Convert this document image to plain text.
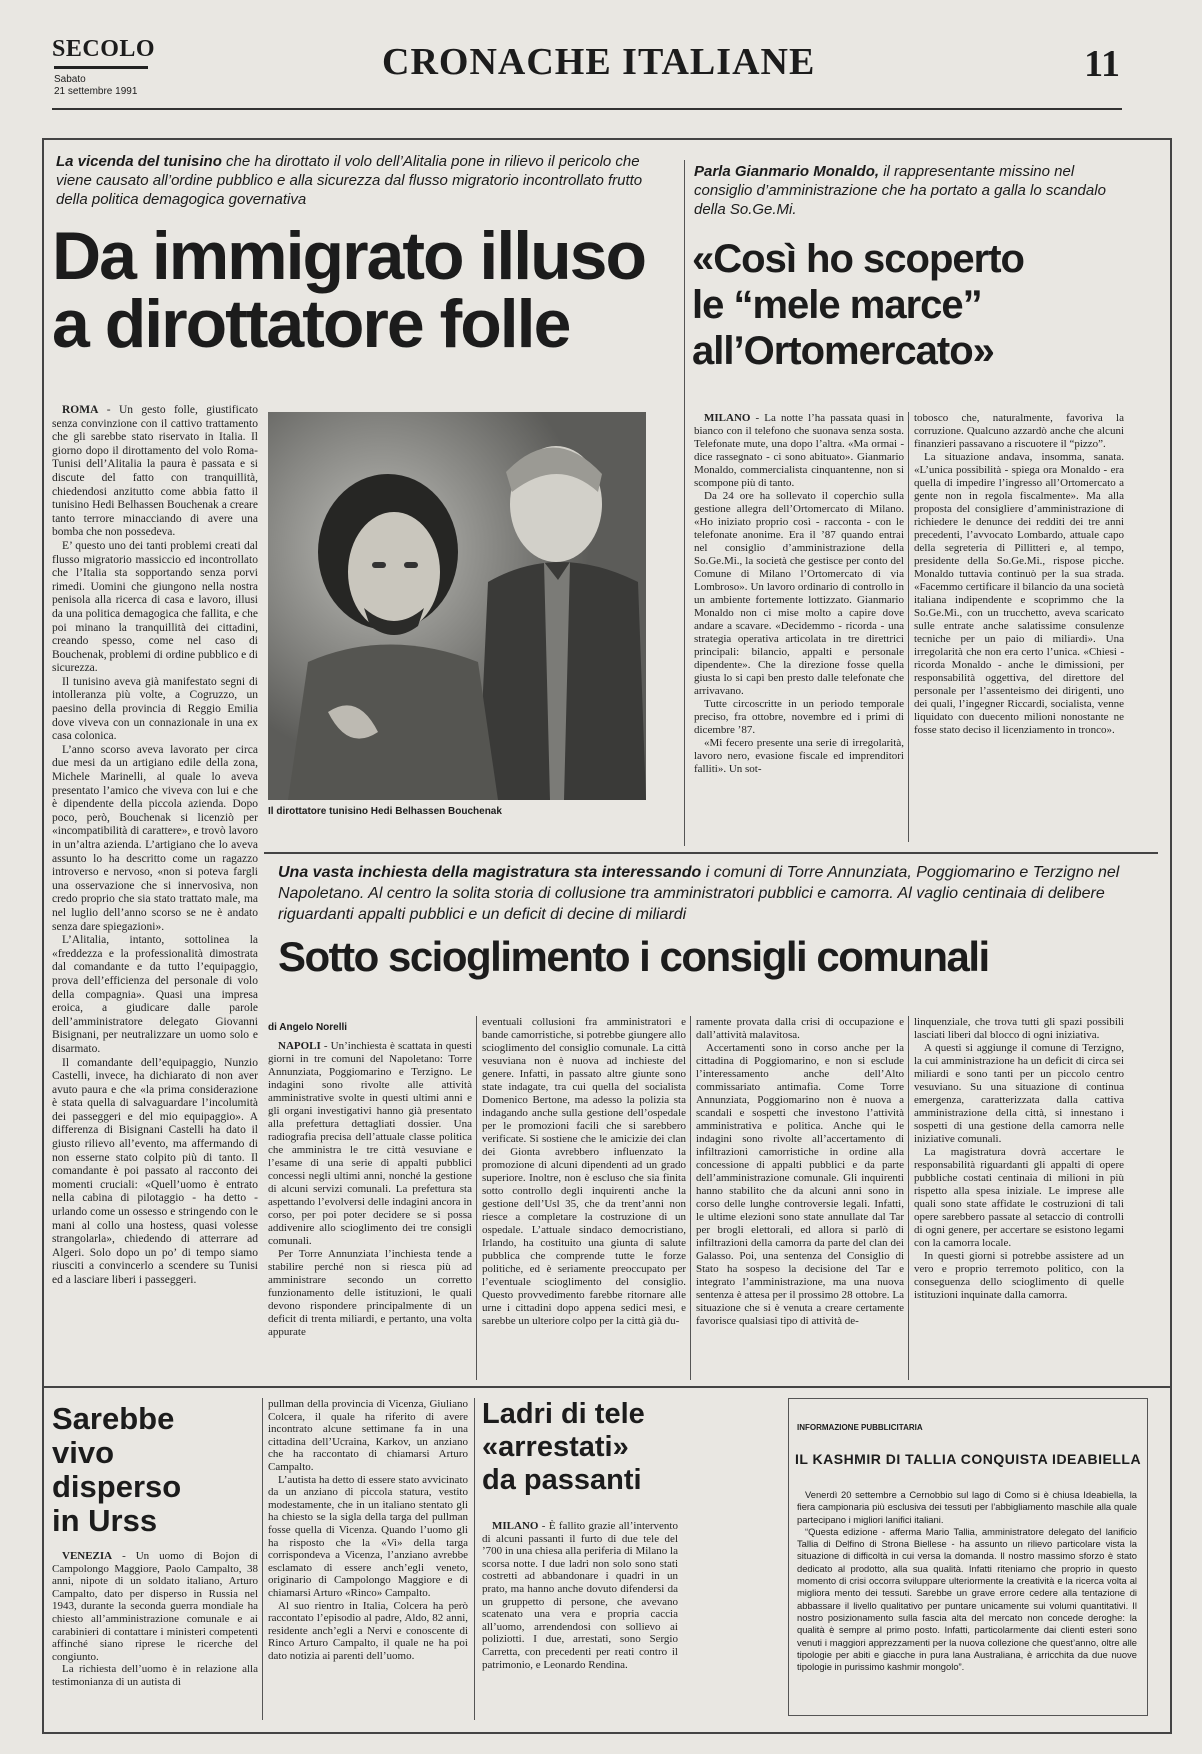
SECOLO
Sabato
21 settembre 1991
CRONACHE ITALIANE	11
La vicenda del tunisino che ha dirottato il volo dell’Alitalia pone in rilievo il pericolo che viene causato all’ordine pubblico e alla sicurezza dal flusso migratorio incontrollato frutto della politica demagogica governativa
Da immigrato illuso
a dirottatore folle

ROMA - Un gesto folle, giustificato senza convinzione con il cattivo trattamento che gli sarebbe stato riservato in Italia. Il giorno dopo il dirottamento del volo Roma-Tunisi dell’Alitalia la paura è passata e si discute del fatto con tranquillità, chiedendosi anzitutto come abbia fatto il tunisino Hedi Belhassen Bouchenak a creare tanto terrore minacciando di avere una bomba che non possedeva.

E’ questo uno dei tanti problemi creati dal flusso migratorio massiccio ed incontrollato che l’Italia sta sopportando senza porvi rimedi. Uomini che giungono nella nostra penisola alla ricerca di casa e lavoro, illusi da una politica demagogica che fallita, e che poi minano la tranquillità dei cittadini, creando spesso, come nel caso di Bouchenak, problemi di ordine pubblico e di sicurezza.

Il tunisino aveva già manifestato segni di intolleranza più volte, a Cogruzzo, un paesino della provincia di Reggio Emilia dove viveva con un connazionale in una ex casa colonica.

L’anno scorso aveva lavorato per circa due mesi da un artigiano edile della zona, Michele Marinelli, al quale lo aveva presentato l’amico che viveva con lui e che è dipendente della piccola azienda. Dopo poco, però, Bouchenak si licenziò per «incompatibilità di carattere», e trovò lavoro in un’altra azienda. L’artigiano che lo aveva assunto lo ha descritto come un ragazzo introverso e nervoso, «non si poteva fargli una osservazione che si innervosiva, non credo proprio che sia stato trattato male, ma nel luglio dell’anno scorso se ne è andato senza dare spiegazioni».

L’Alitalia, intanto, sottolinea la «freddezza e la professionalità dimostrata dal comandante e da tutto l’equipaggio, prova dell’efficienza del personale di volo della compagnia». Quasi una impresa eroica, a giudicare dalle parole dell’amministratore delegato Giovanni Bisignani, per neutralizzare un uomo solo e disarmato.

Il comandante dell’equipaggio, Nunzio Castelli, invece, ha dichiarato di non aver avuto paura e che «la prima considerazione è stata quella di salvaguardare l’incolumità dei passeggeri e del mio equipaggio». A differenza di Bisignani Castelli ha dato il giusto rilievo all’evento, ma affermando di non esserne stato colpito più di tanto. Il comandante è poi passato al racconto dei momenti cruciali: «Quell’uomo è entrato nella cabina di pilotaggio - ha detto - urlando come un ossesso e stringendo con le mani al collo una hostess, quasi volesse strangolarla», chiedendo di atterrare ad Algeri. Solo dopo un po’ di tempo siamo riusciti a convincerlo a scendere su Tunisi ed a lasciare liberi i passeggeri.

Il dirottatore tunisino Hedi Belhassen Bouchenak
Parla Gianmario Monaldo, il rappresentante missino nel consiglio d’amministrazione che ha portato a galla lo scandalo della So.Ge.Mi.
«Così ho scoperto
le “mele marce”
all’Ortomercato»

MILANO - La notte l’ha passata quasi in bianco con il telefono che suonava senza sosta. Telefonate mute, una dopo l’altra. «Ma ormai - dice rassegnato - ci sono abituato». Gianmario Monaldo, commercialista cinquantenne, non si scompone più di tanto.

Da 24 ore ha sollevato il coperchio sulla gestione allegra dell’Ortomercato di Milano. «Ho iniziato proprio così - racconta - con le telefonate anonime. Era il ’87 quando entrai nel consiglio d’amministrazione della So.Ge.Mi., la società che gestisce per conto del Comune di Milano l’Ortomercato di via Lombroso». Un lavoro ordinario di controllo in un ambiente fortemente lottizzato. Gianmario Monaldo non ci mise molto a capire dove andare a scavare. «Decidemmo - ricorda - una strategia operativa articolata in tre direttrici principali: bilancio, appalti e personale dipendente». Che la direzione fosse quella giusta lo si capì ben presto dalle telefonate che arrivavano.

Tutte circoscritte in un periodo temporale preciso, fra ottobre, novembre ed i primi di dicembre ’87.

«Mi fecero presente una serie di irregolarità, lavoro nero, evasione fiscale ed imprenditori falliti». Un sot-

tobosco che, naturalmente, favoriva la corruzione. Qualcuno azzardò anche che alcuni finanzieri passavano a riscuotere il “pizzo”.

La situazione andava, insomma, sanata. «L’unica possibilità - spiega ora Monaldo - era quella di impedire l’ingresso all’Ortomercato a gente non in regola fiscalmente». Ma alla proposta del consigliere d’amministrazione di richiedere le denunce dei redditi dei tre anni precedenti, l’avvocato Lombardo, attuale capo della segreteria di Pillitteri e, al tempo, presidente della So.Ge.Mi., rispose picche. Monaldo tuttavia continuò per la sua strada. «Facemmo certificare il bilancio da una società italiana indipendente e scoprimmo che la So.Ge.Mi., con un trucchetto, aveva scaricato sulle entrate anche salatissime consulenze tecniche per un paio di miliardi». Una irregolarità che non era certo l’unica. «Chiesi - ricorda Monaldo - anche le dimissioni, per responsabilità oggettiva, del direttore del personale per l’assenteismo dei dirigenti, uno dei quali, l’ingegner Riccardi, socialista, venne liquidato con duecento milioni nonostante ne fosse stato deciso il licenziamento in tronco».

Una vasta inchiesta della magistratura sta interessando i comuni di Torre Annunziata, Poggiomarino e Terzigno nel Napoletano. Al centro la solita storia di collusione tra amministratori pubblici e camorra. Al vaglio centinaia di delibere riguardanti appalti pubblici e un deficit di decine di miliardi
Sotto scioglimento i consigli comunali
di Angelo Norelli

NAPOLI - Un’inchiesta è scattata in questi giorni in tre comuni del Napoletano: Torre Annunziata, Poggiomarino e Terzigno. Le indagini sono rivolte alle attività amministrative svolte in questi ultimi anni e gli organi investigativi hanno già presentato alla prefettura dettagliati dossier. Una radiografia precisa dell’attuale classe politica che amministra le tre città vesuviane e l’esame di una serie di appalti pubblici concessi negli ultimi anni, nonché la gestione di alcuni servizi comunali. La prefettura sta aspettando l’evolversi delle indagini ancora in corso, per poi poter decidere se si possa addivenire allo scioglimento dei tre consigli comunali.

Per Torre Annunziata l’inchiesta tende a stabilire perché non si riesca più ad amministrare secondo un corretto funzionamento delle istituzioni, le quali devono rispondere principalmente di un deficit di trenta miliardi, e pertanto, una volta appurate

eventuali collusioni fra amministratori e bande camorristiche, si potrebbe giungere allo scioglimento del consiglio comunale. La città vesuviana non è nuova ad inchieste del genere. Infatti, in passato altre giunte sono state indagate, tra cui quella del socialista Domenico Bertone, ma adesso la polizia sta indagando anche sulla gestione dell’ospedale per le promozioni facili che si sarebbero verificate. Si sostiene che le amicizie dei clan dei Gionta avrebbero influenzato la promozione di alcuni dipendenti ad un grado superiore. Inoltre, non è escluso che sia finita sotto controllo degli inquirenti anche la gestione dell’Usl 35, che da trent’anni non riesce a completare la costruzione di un ospedale. L’attuale sindaco democristiano, Irlando, ha costituito una giunta di salute pubblica che comprende tutte le forze politiche, ed è seriamente preoccupato per l’eventuale scioglimento del consiglio. Questo provvedimento farebbe ritornare alle urne i cittadini dopo appena sedici mesi, e sarebbe un ulteriore colpo per la città già du-

ramente provata dalla crisi di occupazione e dall’attività malavitosa.

Accertamenti sono in corso anche per la cittadina di Poggiomarino, e non si esclude l’interessamento anche dell’Alto commissariato antimafia. Come Torre Annunziata, Poggiomarino non è nuova a scandali e sospetti che investono l’attività amministrativa e politica. Anche qui le indagini sono rivolte all’accertamento di infiltrazioni camorristiche in ordine alla concessione di appalti pubblici e da parte dell’amministrazione comunale. Gli inquirenti hanno stabilito che da alcuni anni sono in corso delle lunghe controversie legali. Infatti, le ultime elezioni sono state annullate dal Tar per brogli elettorali, ed allora si parlò di infiltrazioni della camorra da parte del clan dei Galasso. Poi, una sentenza del Consiglio di Stato ha sospeso la decisione del Tar e integrato l’amministrazione, ma una nuova sentenza è attesa per il prossimo 28 ottobre. La situazione che si è venuta a creare certamente favorisce qualsiasi tipo di attività de-

linquenziale, che trova tutti gli spazi possibili lasciati liberi dal blocco di ogni iniziativa.

A questi si aggiunge il comune di Terzigno, la cui amministrazione ha un deficit di circa sei miliardi e sono tanti per un piccolo centro vesuviano. Su una situazione di continua emergenza, caratterizzata dalla cattiva amministrazione della città, si innestano i sospetti di una gestione della camorra nelle iniziative comunali.

La magistratura dovrà accertare le responsabilità riguardanti gli appalti di opere pubbliche costati centinaia di milioni in più rispetto alla spesa iniziale. Le imprese alle quali sono state affidate le costruzioni di tali opere sarebbero passate al setaccio di controlli di ogni genere, per accertare se esistono legami con la camorra locale.

In questi giorni si potrebbe assistere ad un vero e proprio terremoto politico, con la conseguenza dello scioglimento di quelle istituzioni inquinate dalla camorra.

Sarebbe
vivo
disperso
in Urss

VENEZIA - Un uomo di Bojon di Campolongo Maggiore, Paolo Campalto, 38 anni, nipote di un soldato italiano, Arturo Campalto, dato per disperso in Russia nel 1943, durante la seconda guerra mondiale ha chiesto all’amministrazione comunale e ai carabinieri di contattare i ministeri competenti affinché siano riprese le ricerche del congiunto.

La richiesta dell’uomo è in relazione alla testimonianza di un autista di

pullman della provincia di Vicenza, Giuliano Colcera, il quale ha riferito di avere incontrato alcune settimane fa in una cittadina dell’Ucraina, Karkov, un anziano che ha raccontato di chiamarsi Arturo Campalto.

L’autista ha detto di essere stato avvicinato da un anziano di piccola statura, vestito modestamente, che in un italiano stentato gli ha chiesto se la sigla della targa del pullman fosse quella di Vicenza. Quando l’uomo gli ha risposto che la «Vi» della targa corrispondeva a Vicenza, l’anziano avrebbe esclamato di essere anch’egli veneto, originario di Campolongo Maggiore e di chiamarsi Arturo «Rinco» Campalto.

Al suo rientro in Italia, Colcera ha però raccontato l’episodio al padre, Aldo, 82 anni, residente anch’egli a Nervi e conoscente di Rinco Arturo Campalto, il quale ne ha poi dato notizia ai parenti dell’uomo.

Ladri di tele
«arrestati»
da passanti

MILANO - È fallito grazie all’intervento di alcuni passanti il furto di due tele del ’700 in una chiesa alla periferia di Milano la scorsa notte. I due ladri non solo sono stati costretti ad abbandonare i quadri in un prato, ma hanno anche dovuto difendersi da un gruppetto di persone, che avevano scatenato una vera e propria caccia all’uomo, arrendendosi con sollievo ai poliziotti. I due, arrestati, sono Sergio Carretta, con precedenti per reati contro il patrimonio, e Leonardo Rendina.

INFORMAZIONE PUBBLICITARIA
IL KASHMIR DI TALLIA CONQUISTA IDEABIELLA

Venerdì 20 settembre a Cernobbio sul lago di Como si è chiusa Ideabiella, la fiera campionaria più esclusiva dei tessuti per l’abbigliamento maschile alla quale partecipano i migliori lanifici italiani.

“Questa edizione - afferma Mario Tallia, amministratore delegato del lanificio Tallia di Delfino di Strona Biellese - ha assunto un rilievo particolare vista la situazione di difficoltà in cui versa la domanda. Il nostro massimo sforzo è stato dedicato al prodotto, alla sua qualità. Infatti riteniamo che proprio in questo momento di crisi occorra sviluppare ulteriormente la creatività e la ricerca volta al migliora mento dei tessuti. Sarebbe un grave errore cedere alla tentazione di abbassare il livello qualitativo per puntare unicamente sui volumi quantitativi. Il nostro posizionamento sulla fascia alta del mercato non concede deroghe: la qualità è sempre al primo posto. Infatti, particolarmente dai clienti esteri sono venuti i maggiori apprezzamenti per la nuova collezione che quest’anno, oltre alle tipologie per abiti e giacche in pura lana Australiana, è arricchita da due nuove tipologie in purissimo kashmir mongolo”.
